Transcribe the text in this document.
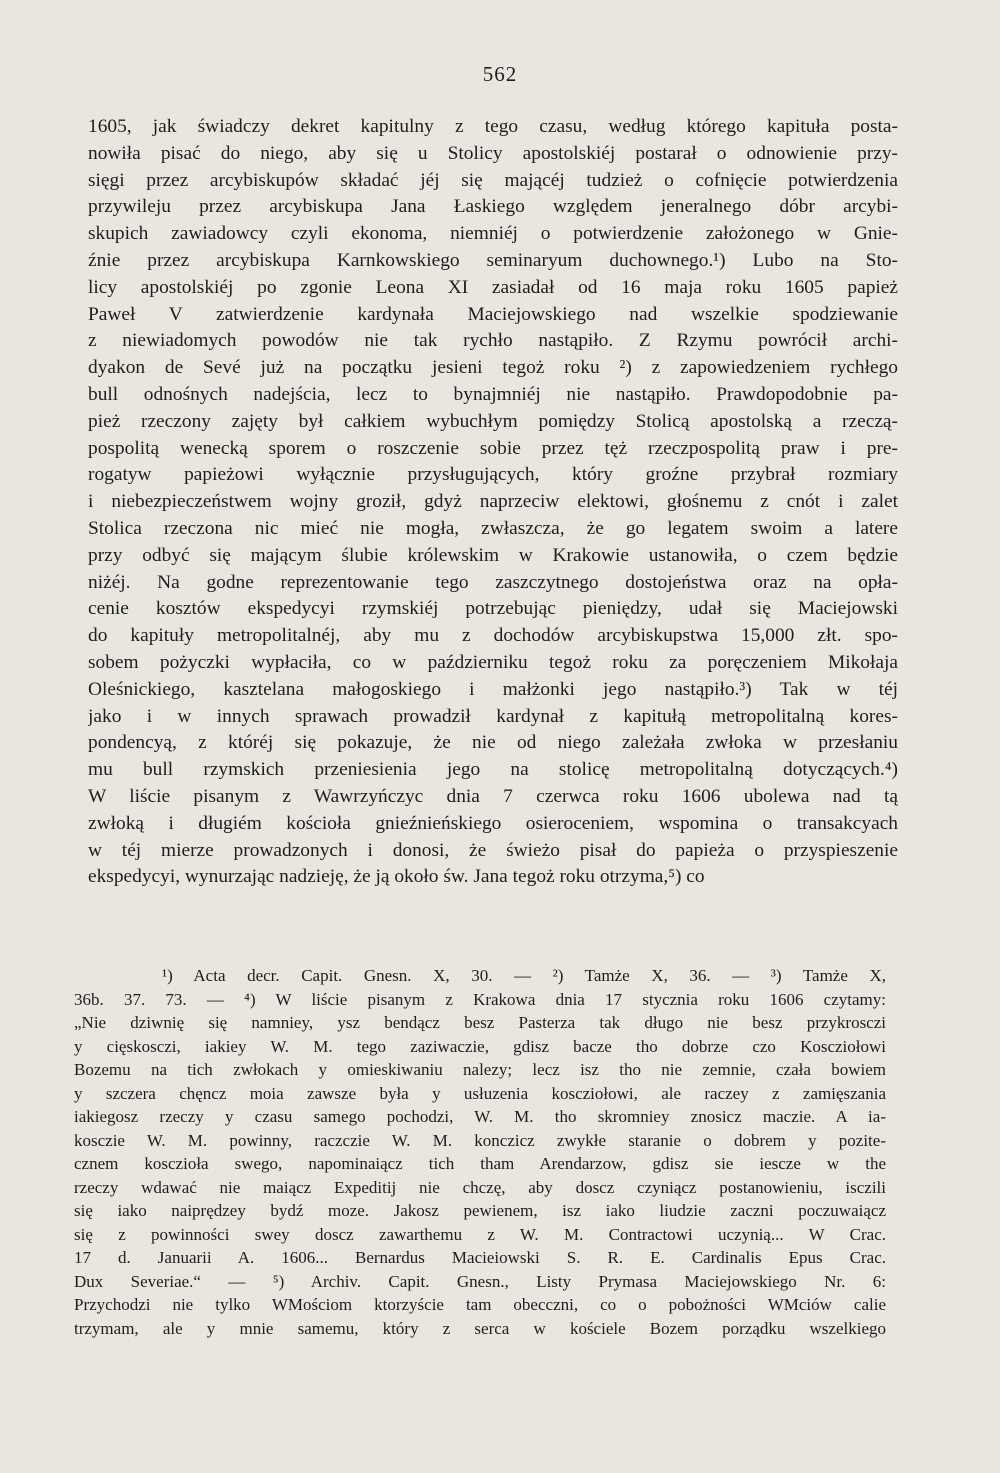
562
1605, jak świadczy dekret kapitulny z tego czasu, według którego kapituła posta-
nowiła pisać do niego, aby się u Stolicy apostolskiéj postarał o odnowienie przy-
sięgi przez arcybiskupów składać jéj się mającéj tudzież o cofnięcie potwierdzenia
przywileju przez arcybiskupa Jana Łaskiego względem jeneralnego dóbr arcybi-
skupich zawiadowcy czyli ekonoma, niemniéj o potwierdzenie założonego w Gnie-
źnie przez arcybiskupa Karnkowskiego seminaryum duchownego.¹) Lubo na Sto-
licy apostolskiéj po zgonie Leona XI zasiadał od 16 maja roku 1605 papież
Paweł V zatwierdzenie kardynała Maciejowskiego nad wszelkie spodziewanie
z niewiadomych powodów nie tak rychło nastąpiło. Z Rzymu powrócił archi-
dyakon de Sevé już na początku jesieni tegoż roku ²) z zapowiedzeniem rychłego
bull odnośnych nadejścia, lecz to bynajmniéj nie nastąpiło. Prawdopodobnie pa-
pież rzeczony zajęty był całkiem wybuchłym pomiędzy Stolicą apostolską a rzeczą-
pospolitą wenecką sporem o roszczenie sobie przez tęż rzeczpospolitą praw i pre-
rogatyw papieżowi wyłącznie przysługujących, który groźne przybrał rozmiary
i niebezpieczeństwem wojny groził, gdyż naprzeciw elektowi, głośnemu z cnót i zalet
Stolica rzeczona nic mieć nie mogła, zwłaszcza, że go legatem swoim a latere
przy odbyć się mającym ślubie królewskim w Krakowie ustanowiła, o czem będzie
niżéj. Na godne reprezentowanie tego zaszczytnego dostojeństwa oraz na opła-
cenie kosztów ekspedycyi rzymskiéj potrzebując pieniędzy, udał się Maciejowski
do kapituły metropolitalnéj, aby mu z dochodów arcybiskupstwa 15,000 złt. spo-
sobem pożyczki wypłaciła, co w październiku tegoż roku za poręczeniem Mikołaja
Oleśnickiego, kasztelana małogoskiego i małżonki jego nastąpiło.³) Tak w téj
jako i w innych sprawach prowadził kardynał z kapitułą metropolitalną kores-
pondencyą, z któréj się pokazuje, że nie od niego zależała zwłoka w przesłaniu
mu bull rzymskich przeniesienia jego na stolicę metropolitalną dotyczących.⁴)
W liście pisanym z Wawrzyńczyc dnia 7 czerwca roku 1606 ubolewa nad tą
zwłoką i długiém kościoła gnieźnieńskiego osieroceniem, wspomina o transakcyach
w téj mierze prowadzonych i donosi, że świeżo pisał do papieża o przyspieszenie
ekspedycyi, wynurzając nadzieję, że ją około św. Jana tegoż roku otrzyma,⁵) co
¹) Acta decr. Capit. Gnesn. X, 30. — ²) Tamże X, 36. — ³) Tamże X,
36b. 37. 73. — ⁴) W liście pisanym z Krakowa dnia 17 stycznia roku 1606 czytamy:
„Nie dziwnię się namniey, ysz bendącz besz Pasterza tak długo nie besz przykrosczi
y cięskosczi, iakiey W. M. tego zaziwaczie, gdisz bacze tho dobrze czo Kosczіołowi
Bozemu na tich zwłokach y omieskіwaniu nalezy; lecz isz tho nie zemnie, czała bowiem
y szczera chęncz moia zawsze była y usłuzenia kosczіołowi, ale raczey z zamięszania
iakiegosz rzeczy y czasu samego pochodzi, W. M. tho skromniey znosicz maczie. A ia-
kosczie W. M. powinny, raczczie W. M. konczicz zwykłe staranie o dobrem y pozite-
cznem kosczіoła swego, napominaiącz tich tham Arendarzow, gdisz sie iescze w the
rzeczy wdawać nie maiącz Expeditij nie chczę, aby doscz czyniącz postanowieniu, isczili
się iako naiprędzey bydź moze. Jakosz pewienem, isz iako liudzie zaczni poczuwaiącz
się z powinności swey doscz zawarthemu z W. M. Contractowi uczynią... W Crac.
17 d. Januarii A. 1606... Bernardus Macieiowski S. R. E. Cardinalis Epus Crac.
Dux Severiae.“ — ⁵) Archiv. Capit. Gnesn., Listy Prymasa Maciejowskiego Nr. 6:
Przychodzi nie tylko WMościom ktorzyście tam obecczni, co o pobożności WMciów calie
trzymam, ale y mnie samemu, który z serca w kościele Bozem porządku wszelkiego
